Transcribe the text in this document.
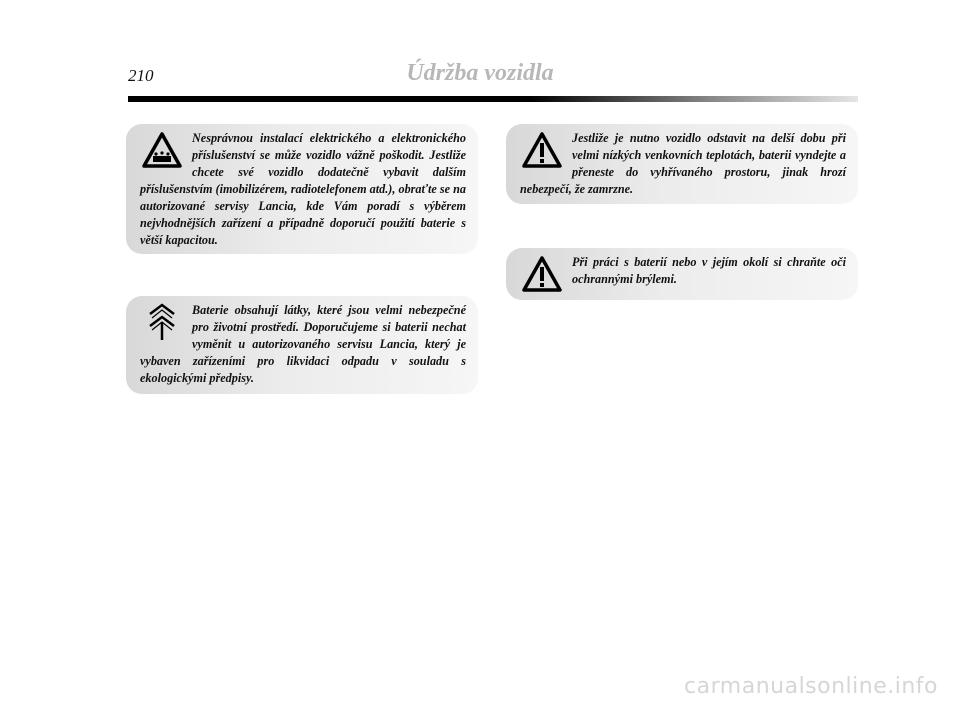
210	Údržba vozidla

Nesprávnou instalací elektrického a elektronického příslušenství se může vozidlo vážně poškodit. Jestliže chcete své vozidlo dodatečně vybavit dalším příslušenstvím (imobilizérem, radiotelefonem atd.), obraťte se na autorizované servisy Lancia, kde Vám poradí s výběrem nejvhodnějších zařízení a případně doporučí použití baterie s větší kapacitou.

Baterie obsahují látky, které jsou velmi nebezpečné pro životní prostředí. Doporučujeme si baterii nechat vyměnit u autorizovaného servisu Lancia, který je vybaven zařízeními pro likvidaci odpadu v souladu s ekologickými předpisy.

Jestliže je nutno vozidlo odstavit na delší dobu při velmi nízkých venkovních teplotách, baterii vyndejte a přeneste do vyhřívaného prostoru, jinak hrozí nebezpečí, že zamrzne.

Při práci s baterií nebo v jejím okolí si chraňte oči ochrannými brýlemi.

carmanualsonline.info
